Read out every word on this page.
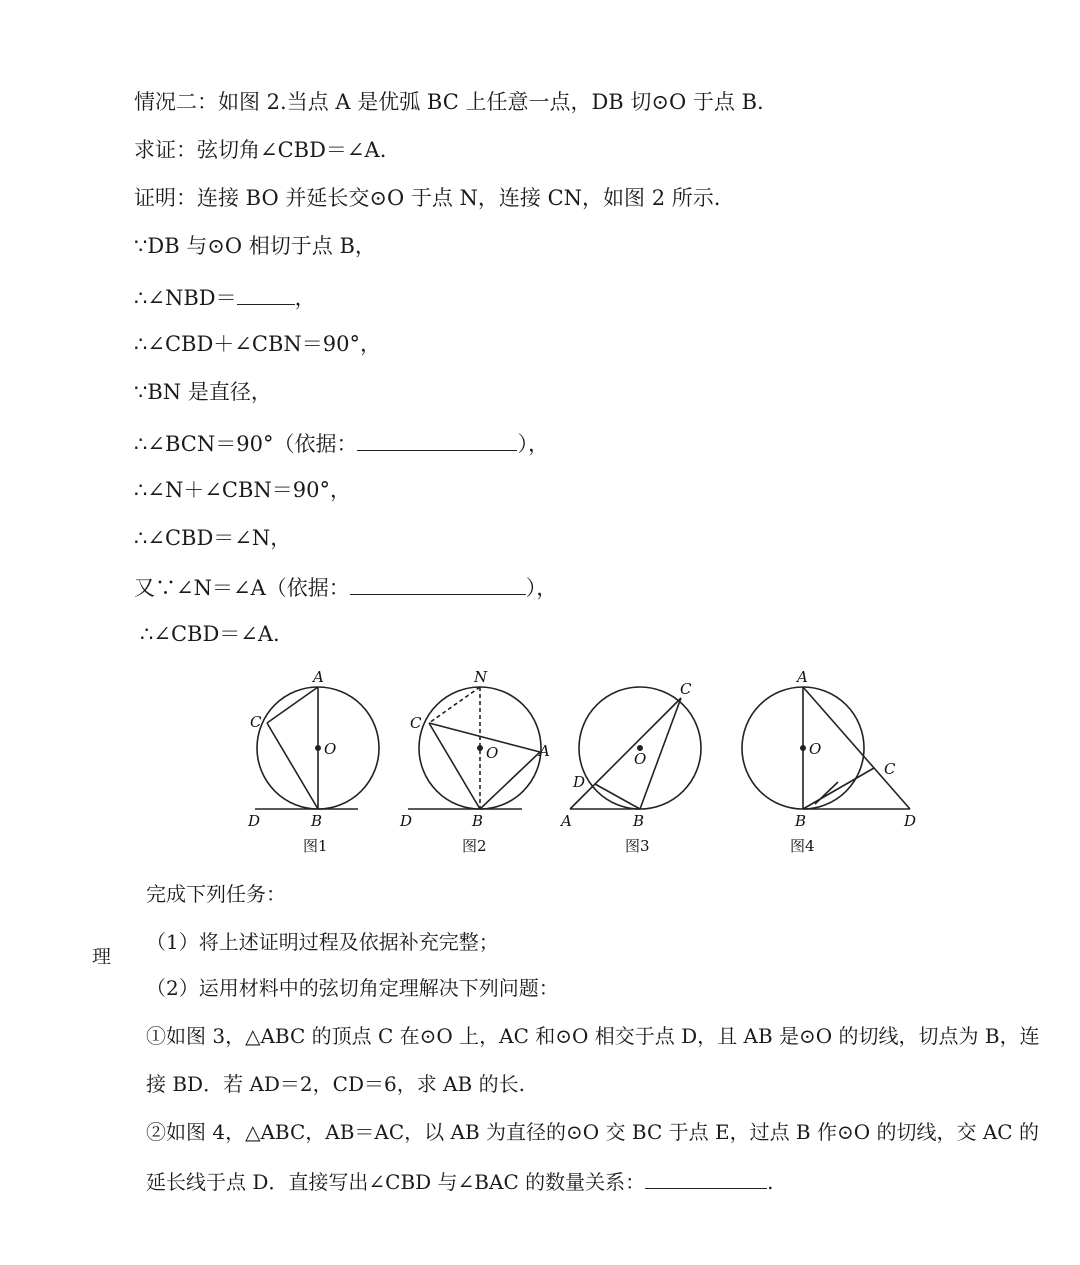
情况二：如图 2.当点 A 是优弧 BC 上任意一点，DB 切⊙O 于点 B.
求证：弦切角∠CBD＝∠A.
证明：连接 BO 并延长交⊙O 于点 N，连接 CN，如图 2 所示.
∵DB 与⊙O 相切于点 B，
∴∠NBD＝	，
∴∠CBD＋∠CBN＝90°，
∵BN 是直径，
∴∠BCN＝90°（依据：	），
∴∠N＋∠CBN＝90°，
∴∠CBD＝∠N，
又∵∠N＝∠A（依据：	），
∴∠CBD＝∠A.
A
C
O
D	B
图1
N
C
O	A
D	B
图2
C
O
D
A	B
图3
A
O
C
B	D
图4
理
完成下列任务：
（1）将上述证明过程及依据补充完整；
（2）运用材料中的弦切角定理解决下列问题：
①如图 3，△ABC 的顶点 C 在⊙O 上，AC 和⊙O 相交于点 D，且 AB 是⊙O 的切线，切点为 B，连
接 BD．若 AD＝2，CD＝6，求 AB 的长.
②如图 4，△ABC，AB＝AC，以 AB 为直径的⊙O 交 BC 于点 E，过点 B 作⊙O 的切线，交 AC 的
延长线于点 D．直接写出∠CBD 与∠BAC 的数量关系：	.
